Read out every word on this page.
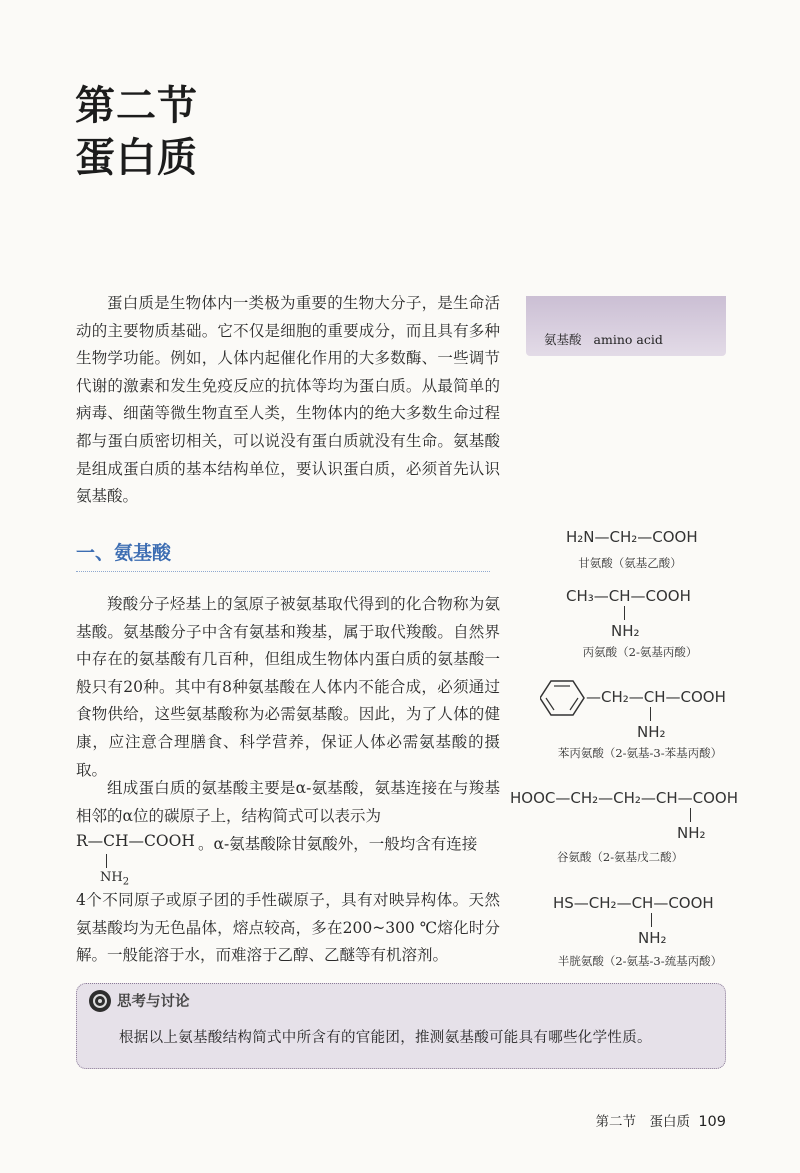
第二节
蛋白质

蛋白质是生物体内一类极为重要的生物大分子，是生命活动的主要物质基础。它不仅是细胞的重要成分，而且具有多种生物学功能。例如，人体内起催化作用的大多数酶、一些调节代谢的激素和发生免疫反应的抗体等均为蛋白质。从最简单的病毒、细菌等微生物直至人类，生物体内的绝大多数生命过程都与蛋白质密切相关，可以说没有蛋白质就没有生命。氨基酸是组成蛋白质的基本结构单位，要认识蛋白质，必须首先认识氨基酸。

氨基酸 amino acid
一、氨基酸

羧酸分子烃基上的氢原子被氨基取代得到的化合物称为氨基酸。氨基酸分子中含有氨基和羧基，属于取代羧酸。自然界中存在的氨基酸有几百种，但组成生物体内蛋白质的氨基酸一般只有20种。其中有8种氨基酸在人体内不能合成，必须通过食物供给，这些氨基酸称为必需氨基酸。因此，为了人体的健康，应注意合理膳食、科学营养，保证人体必需氨基酸的摄取。

组成蛋白质的氨基酸主要是α-氨基酸，氨基连接在与羧基相邻的α位的碳原子上，结构简式可以表示为

R—CH—COOH 。α-氨基酸除甘氨酸外，一般均含有连接
$NH_2$

4个不同原子或原子团的手性碳原子，具有对映异构体。天然氨基酸均为无色晶体，熔点较高，多在200~300 ℃熔化时分解。一般能溶于水，而难溶于乙醇、乙醚等有机溶剂。

H₂N—CH₂—COOH
甘氨酸（氨基乙酸）
CH₃—CH—COOH
NH₂
丙氨酸（2-氨基丙酸）
—CH₂—CH—COOH
NH₂
苯丙氨酸（2-氨基-3-苯基丙酸）
HOOC—CH₂—CH₂—CH—COOH
NH₂
谷氨酸（2-氨基戊二酸）
HS—CH₂—CH—COOH
NH₂
半胱氨酸（2-氨基-3-巯基丙酸）
思考与讨论
根据以上氨基酸结构简式中所含有的官能团，推测氨基酸可能具有哪些化学性质。
第二节　蛋白质 109
